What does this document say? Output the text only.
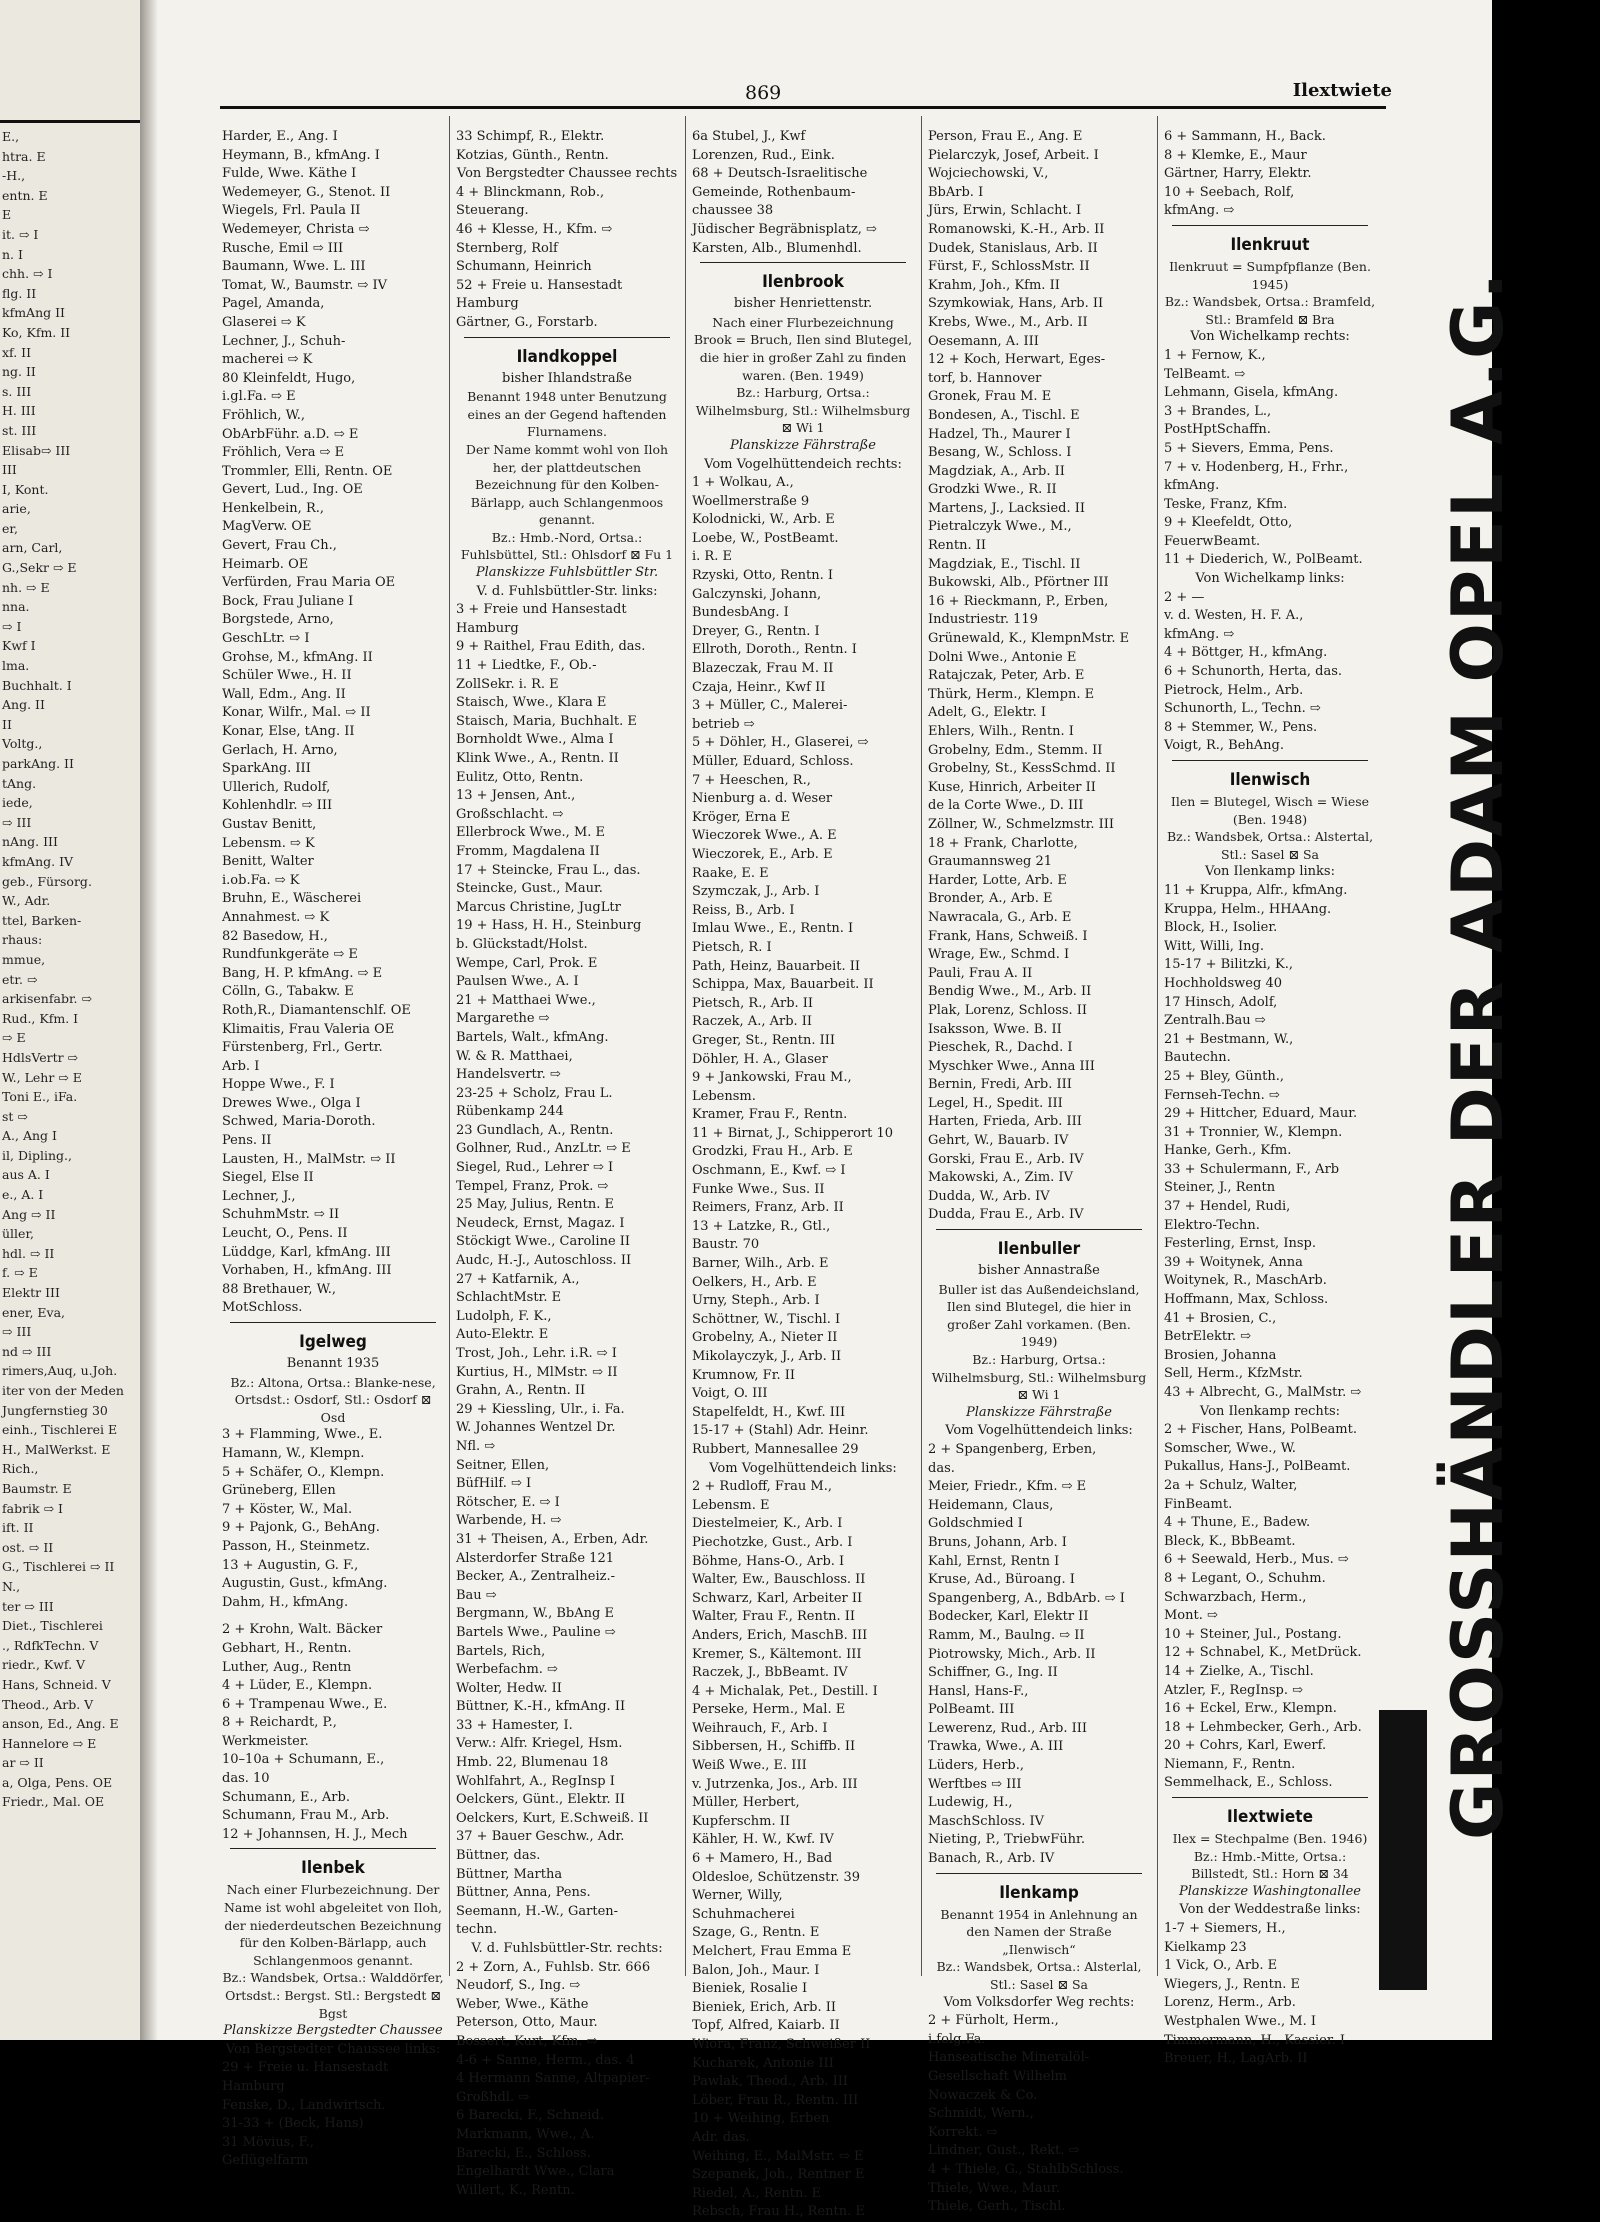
E.,
htra. E
-H.,
entn. E
E
it. ⇨ I
n. I
chh. ⇨ I
flg. II
kfmAng II
Ko, Kfm. II
xf. II
ng. II
s. III
H. III
st. III
Elisab⇨ III
III
I, Kont.
arie,
er,
arn, Carl,
G.,Sekr ⇨ E
nh. ⇨ E
nna.
⇨ I
Kwf I
lma.
Buchhalt. I
Ang. II
II
Voltg.,
parkAng. II
tAng.
iede,
⇨ III
nAng. III
kfmAng. IV
geb., Fürsorg.
W., Adr.
ttel, Barken-
rhaus:
mmue,
etr. ⇨
arkisenfabr. ⇨
Rud., Kfm. I
⇨ E
HdlsVertr ⇨
W., Lehr ⇨ E
Toni E., iFa.
st ⇨
A., Ang I
il, Dipling.,
aus A. I
e., A. I
Ang ⇨ II
üller,
hdl. ⇨ II
f. ⇨ E
Elektr III
ener, Eva,
⇨ III
nd ⇨ III
rimers,Auq, u.Joh.
iter von der Meden
Jungfernstieg 30
einh., Tischlerei E
H., MalWerkst. E
Rich.,
Baumstr. E
fabrik ⇨ I
ift. II
ost. ⇨ II
G., Tischlerei ⇨ II
N.,
ter ⇨ III
Diet., Tischlerei
., RdfkTechn. V
riedr., Kwf. V
Hans, Schneid. V
Theod., Arb. V
anson, Ed., Ang. E
Hannelore ⇨ E
ar ⇨ II
a, Olga, Pens. OE
Friedr., Mal. OE
869	Ilextwiete
Harder, E., Ang. I
Heymann, B., kfmAng. I
Fulde, Wwe. Käthe I
Wedemeyer, G., Stenot. II
Wiegels, Frl. Paula II
Wedemeyer, Christa ⇨
Rusche, Emil ⇨ III
Baumann, Wwe. L. III
Tomat, W., Baumstr. ⇨ IV
Pagel, Amanda,
Glaserei ⇨ K
Lechner, J., Schuh-
macherei ⇨ K
80 Kleinfeldt, Hugo,
i.gl.Fa. ⇨ E
Fröhlich, W.,
ObArbFühr. a.D. ⇨ E
Fröhlich, Vera ⇨ E
Trommler, Elli, Rentn. OE
Gevert, Lud., Ing. OE
Henkelbein, R.,
MagVerw. OE
Gevert, Frau Ch.,
Heimarb. OE
Verfürden, Frau Maria OE
Bock, Frau Juliane I
Borgstede, Arno,
GeschLtr. ⇨ I
Grohse, M., kfmAng. II
Schüler Wwe., H. II
Wall, Edm., Ang. II
Konar, Wilfr., Mal. ⇨ II
Konar, Else, tAng. II
Gerlach, H. Arno,
SparkAng. III
Ullerich, Rudolf,
Kohlenhdlr. ⇨ III
Gustav Benitt,
Lebensm. ⇨ K
Benitt, Walter
i.ob.Fa. ⇨ K
Bruhn, E., Wäscherei
Annahmest. ⇨ K
82 Basedow, H.,
Rundfunkgeräte ⇨ E
Bang, H. P. kfmAng. ⇨ E
Cölln, G., Tabakw. E
Roth,R., Diamantenschlf. OE
Klimaitis, Frau Valeria OE
Fürstenberg, Frl., Gertr.
Arb. I
Hoppe Wwe., F. I
Drewes Wwe., Olga I
Schwed, Maria-Doroth.
Pens. II
Lausten, H., MalMstr. ⇨ II
Siegel, Else II
Lechner, J.,
SchuhmMstr. ⇨ II
Leucht, O., Pens. II
Lüddge, Karl, kfmAng. III
Vorhaben, H., kfmAng. III
88 Brethauer, W.,
MotSchloss.
Igelweg
Benannt 1935
Bz.: Altona, Ortsa.: Blanke-nese, Ortsdst.: Osdorf, Stl.: Osdorf ⊠ Osd
3 + Flamming, Wwe., E.
Hamann, W., Klempn.
5 + Schäfer, O., Klempn.
Grüneberg, Ellen
7 + Köster, W., Mal.
9 + Pajonk, G., BehAng.
Passon, H., Steinmetz.
13 + Augustin, G. F.,
Augustin, Gust., kfmAng.
Dahm, H., kfmAng.
2 + Krohn, Walt. Bäcker
Gebhart, H., Rentn.
Luther, Aug., Rentn
4 + Lüder, E., Klempn.
6 + Trampenau Wwe., E.
8 + Reichardt, P.,
Werkmeister.
10–10a + Schumann, E.,
das. 10
Schumann, E., Arb.
Schumann, Frau M., Arb.
12 + Johannsen, H. J., Mech
Ilenbek
Nach einer Flurbezeichnung. Der Name ist wohl abgeleitet von Iloh, der niederdeutschen Bezeichnung für den Kolben-Bärlapp, auch Schlangenmoos genannt.
Bz.: Wandsbek, Ortsa.: Walddörfer, Ortsdst.: Bergst. Stl.: Bergstedt ⊠ Bgst
Planskizze Bergstedter Chaussee
Von Bergstedter Chaussee links:
29 + Freie u. Hansestadt
Hamburg
Fenske, D., Landwirtsch.
31-33 + (Beck, Hans)
31 Mövius, F.,
Geflügelfarm
33 Schimpf, R., Elektr.
Kotzias, Günth., Rentn.
Von Bergstedter Chaussee rechts
4 + Blinckmann, Rob.,
Steuerang.
46 + Klesse, H., Kfm. ⇨
Sternberg, Rolf
Schumann, Heinrich
52 + Freie u. Hansestadt
Hamburg
Gärtner, G., Forstarb.
Ilandkoppel
bisher Ihlandstraße
Benannt 1948 unter Benutzung eines an der Gegend haftenden Flurnamens.
Der Name kommt wohl von Iloh her, der plattdeutschen Bezeichnung für den Kolben-Bärlapp, auch Schlangenmoos genannt.
Bz.: Hmb.-Nord, Ortsa.: Fuhlsbüttel, Stl.: Ohlsdorf ⊠ Fu 1
Planskizze Fuhlsbüttler Str.
V. d. Fuhlsbüttler-Str. links:
3 + Freie und Hansestadt
Hamburg
9 + Raithel, Frau Edith, das.
11 + Liedtke, F., Ob.-
ZollSekr. i. R. E
Staisch, Wwe., Klara E
Staisch, Maria, Buchhalt. E
Bornholdt Wwe., Alma I
Klink Wwe., A., Rentn. II
Eulitz, Otto, Rentn.
13 + Jensen, Ant.,
Großschlacht. ⇨
Ellerbrock Wwe., M. E
Fromm, Magdalena II
17 + Steincke, Frau L., das.
Steincke, Gust., Maur.
Marcus Christine, JugLtr
19 + Hass, H. H., Steinburg
b. Glückstadt/Holst.
Wempe, Carl, Prok. E
Paulsen Wwe., A. I
21 + Matthaei Wwe.,
Margarethe ⇨
Bartels, Walt., kfmAng.
W. & R. Matthaei,
Handelsvertr. ⇨
23-25 + Scholz, Frau L.
Rübenkamp 244
23 Gundlach, A., Rentn.
Golhner, Rud., AnzLtr. ⇨ E
Siegel, Rud., Lehrer ⇨ I
Tempel, Franz, Prok. ⇨
25 May, Julius, Rentn. E
Neudeck, Ernst, Magaz. I
Stöckigt Wwe., Caroline II
Audc, H.-J., Autoschloss. II
27 + Katfarnik, A.,
SchlachtMstr. E
Ludolph, F. K.,
Auto-Elektr. E
Trost, Joh., Lehr. i.R. ⇨ I
Kurtius, H., MlMstr. ⇨ II
Grahn, A., Rentn. II
29 + Kiessling, Ulr., i. Fa.
W. Johannes Wentzel Dr.
Nfl. ⇨
Seitner, Ellen,
BüfHilf. ⇨ I
Rötscher, E. ⇨ I
Warbende, H. ⇨
31 + Theisen, A., Erben, Adr.
Alsterdorfer Straße 121
Becker, A., Zentralheiz.-
Bau ⇨
Bergmann, W., BbAng E
Bartels Wwe., Pauline ⇨
Bartels, Rich,
Werbefachm. ⇨
Wolter, Hedw. II
Büttner, K.-H., kfmAng. II
33 + Hamester, I.
Verw.: Alfr. Kriegel, Hsm.
Hmb. 22, Blumenau 18
Wohlfahrt, A., RegInsp I
Oelckers, Günt., Elektr. II
Oelckers, Kurt, E.Schweiß. II
37 + Bauer Geschw., Adr.
Büttner, das.
Büttner, Martha
Büttner, Anna, Pens.
Seemann, H.-W., Garten-
techn.
V. d. Fuhlsbüttler-Str. rechts:
2 + Zorn, A., Fuhlsb. Str. 666
Neudorf, S., Ing. ⇨
Weber, Wwe., Käthe
Peterson, Otto, Maur.
Bossert, Kurt, Kfm. ⇨
4-6 + Sanne, Herm., das. 4
4 Hermann Sanne, Altpapier-
Großhdl. ⇨
6 Barecki, F., Schneid.
Markmann, Wwe., A.
Barecki, E., Schloss.
Engelhardt Wwe., Clara
Willert, K., Rentn.
6a Stubel, J., Kwf
Lorenzen, Rud., Eink.
68 + Deutsch-Israelitische
Gemeinde, Rothenbaum-
chaussee 38
Jüdischer Begräbnisplatz, ⇨
Karsten, Alb., Blumenhdl.
Ilenbrook
bisher Henriettenstr.
Nach einer Flurbezeichnung Brook = Bruch, Ilen sind Blutegel, die hier in großer Zahl zu finden waren. (Ben. 1949)
Bz.: Harburg, Ortsa.: Wilhelmsburg, Stl.: Wilhelmsburg ⊠ Wi 1
Planskizze Fährstraße
Vom Vogelhüttendeich rechts:
1 + Wolkau, A.,
Woellmerstraße 9
Kolodnicki, W., Arb. E
Loebe, W., PostBeamt.
i. R. E
Rzyski, Otto, Rentn. I
Galczynski, Johann,
BundesbAng. I
Dreyer, G., Rentn. I
Ellroth, Doroth., Rentn. I
Blazeczak, Frau M. II
Czaja, Heinr., Kwf II
3 + Müller, C., Malerei-
betrieb ⇨
5 + Döhler, H., Glaserei, ⇨
Müller, Eduard, Schloss.
7 + Heeschen, R.,
Nienburg a. d. Weser
Kröger, Erna E
Wieczorek Wwe., A. E
Wieczorek, E., Arb. E
Raake, E. E
Szymczak, J., Arb. I
Reiss, B., Arb. I
Imlau Wwe., E., Rentn. I
Pietsch, R. I
Path, Heinz, Bauarbeit. II
Schippa, Max, Bauarbeit. II
Pietsch, R., Arb. II
Raczek, A., Arb. II
Greger, St., Rentn. III
Döhler, H. A., Glaser
9 + Jankowski, Frau M.,
Lebensm.
Kramer, Frau F., Rentn.
11 + Birnat, J., Schipperort 10
Grodzki, Frau H., Arb. E
Oschmann, E., Kwf. ⇨ I
Funke Wwe., Sus. II
Reimers, Franz, Arb. II
13 + Latzke, R., Gtl.,
Baustr. 70
Barner, Wilh., Arb. E
Oelkers, H., Arb. E
Urny, Steph., Arb. I
Schöttner, W., Tischl. I
Grobelny, A., Nieter II
Mikolayczyk, J., Arb. II
Krumnow, Fr. II
Voigt, O. III
Stapelfeldt, H., Kwf. III
15-17 + (Stahl) Adr. Heinr.
Rubbert, Mannesallee 29
Vom Vogelhüttendeich links:
2 + Rudloff, Frau M.,
Lebensm. E
Diestelmeier, K., Arb. I
Piechotzke, Gust., Arb. I
Böhme, Hans-O., Arb. I
Walter, Ew., Bauschloss. II
Schwarz, Karl, Arbeiter II
Walter, Frau F., Rentn. II
Anders, Erich, MaschB. III
Kremer, S., Kältemont. III
Raczek, J., BbBeamt. IV
4 + Michalak, Pet., Destill. I
Perseke, Herm., Mal. E
Weihrauch, F., Arb. I
Sibbersen, H., Schiffb. II
Weiß Wwe., E. III
v. Jutrzenka, Jos., Arb. III
Müller, Herbert,
Kupferschm. II
Kähler, H. W., Kwf. IV
6 + Mamero, H., Bad
Oldesloe, Schützenstr. 39
Werner, Willy,
Schuhmacherei
Szage, G., Rentn. E
Melchert, Frau Emma E
Balon, Joh., Maur. I
Bieniek, Rosalie I
Bieniek, Erich, Arb. II
Topf, Alfred, Kaiarb. II
Wiora, Franz, Schweißer II
Kucharek, Antonie III
Pawlak, Theod., Arb. III
Löber, Frau R., Rentn. III
10 + Weihing, Erben
Adr. das.
Weihing, E., MalMstr. ⇨ E
Szepanek, Joh., Rentner E
Riedel, A., Rentn. E
Rebsch, Frau H., Rentn. E
Person, Frau E., Ang. E
Pielarczyk, Josef, Arbeit. I
Wojciechowski, V.,
BbArb. I
Jürs, Erwin, Schlacht. I
Romanowski, K.-H., Arb. II
Dudek, Stanislaus, Arb. II
Fürst, F., SchlossMstr. II
Krahm, Joh., Kfm. II
Szymkowiak, Hans, Arb. II
Krebs, Wwe., M., Arb. II
Oesemann, A. III
12 + Koch, Herwart, Eges-
torf, b. Hannover
Gronek, Frau M. E
Bondesen, A., Tischl. E
Hadzel, Th., Maurer I
Besang, W., Schloss. I
Magdziak, A., Arb. II
Grodzki Wwe., R. II
Martens, J., Lacksied. II
Pietralczyk Wwe., M.,
Rentn. II
Magdziak, E., Tischl. II
Bukowski, Alb., Pförtner III
16 + Rieckmann, P., Erben,
Industriestr. 119
Grünewald, K., KlempnMstr. E
Dolni Wwe., Antonie E
Ratajczak, Peter, Arb. E
Thürk, Herm., Klempn. E
Adelt, G., Elektr. I
Ehlers, Wilh., Rentn. I
Grobelny, Edm., Stemm. II
Grobelny, St., KessSchmd. II
Kuse, Hinrich, Arbeiter II
de la Corte Wwe., D. III
Zöllner, W., Schmelzmstr. III
18 + Frank, Charlotte,
Graumannsweg 21
Harder, Lotte, Arb. E
Bronder, A., Arb. E
Nawracala, G., Arb. E
Frank, Hans, Schweiß. I
Wrage, Ew., Schmd. I
Pauli, Frau A. II
Bendig Wwe., M., Arb. II
Plak, Lorenz, Schloss. II
Isaksson, Wwe. B. II
Pieschek, R., Dachd. I
Myschker Wwe., Anna III
Bernin, Fredi, Arb. III
Legel, H., Spedit. III
Harten, Frieda, Arb. III
Gehrt, W., Bauarb. IV
Gorski, Frau E., Arb. IV
Makowski, A., Zim. IV
Dudda, W., Arb. IV
Dudda, Frau E., Arb. IV
Ilenbuller
bisher Annastraße
Buller ist das Außendeichsland, Ilen sind Blutegel, die hier in großer Zahl vorkamen. (Ben. 1949)
Bz.: Harburg, Ortsa.: Wilhelmsburg, Stl.: Wilhelmsburg ⊠ Wi 1
Planskizze Fährstraße
Vom Vogelhüttendeich links:
2 + Spangenberg, Erben,
das.
Meier, Friedr., Kfm. ⇨ E
Heidemann, Claus,
Goldschmied I
Bruns, Johann, Arb. I
Kahl, Ernst, Rentn I
Kruse, Ad., Büroang. I
Spangenberg, A., BdbArb. ⇨ I
Bodecker, Karl, Elektr II
Ramm, M., Baulng. ⇨ II
Piotrowsky, Mich., Arb. II
Schiffner, G., Ing. II
Hansl, Hans-F.,
PolBeamt. III
Lewerenz, Rud., Arb. III
Trawka, Wwe., A. III
Lüders, Herb.,
Werftbes ⇨ III
Ludewig, H.,
MaschSchloss. IV
Nieting, P., TriebwFühr.
Banach, R., Arb. IV
Ilenkamp
Benannt 1954 in Anlehnung an den Namen der Straße „Ilenwisch“
Bz.: Wandsbek, Ortsa.: Alsterlal, Stl.: Sasel ⊠ Sa
Vom Volksdorfer Weg rechts:
2 + Fürholt, Herm.,
i.folg.Fa.
Hanseatische Mineralöl-
Gesellschaft Wilhelm
Nowaczek & Co.
Schmidt, Wern.,
Korrekt. ⇨
Lindner, Gust., Rekt. ⇨
4 + Thiele, G., StahlbSchloss.
Thiele, Wwe., Maur.
Thiele, Gerh., Tischl.
6 + Sammann, H., Back.
8 + Klemke, E., Maur
Gärtner, Harry, Elektr.
10 + Seebach, Rolf,
kfmAng. ⇨
Ilenkruut
Ilenkruut = Sumpfpflanze (Ben. 1945)
Bz.: Wandsbek, Ortsa.: Bramfeld, Stl.: Bramfeld ⊠ Bra
Von Wichelkamp rechts:
1 + Fernow, K.,
TelBeamt. ⇨
Lehmann, Gisela, kfmAng.
3 + Brandes, L.,
PostHptSchaffn.
5 + Sievers, Emma, Pens.
7 + v. Hodenberg, H., Frhr.,
kfmAng.
Teske, Franz, Kfm.
9 + Kleefeldt, Otto,
FeuerwBeamt.
11 + Diederich, W., PolBeamt.
Von Wichelkamp links:
2 + —
v. d. Westen, H. F. A.,
kfmAng. ⇨
4 + Böttger, H., kfmAng.
6 + Schunorth, Herta, das.
Pietrock, Helm., Arb.
Schunorth, L., Techn. ⇨
8 + Stemmer, W., Pens.
Voigt, R., BehAng.
Ilenwisch
Ilen = Blutegel, Wisch = Wiese (Ben. 1948)
Bz.: Wandsbek, Ortsa.: Alstertal, Stl.: Sasel ⊠ Sa
Von Ilenkamp links:
11 + Kruppa, Alfr., kfmAng.
Kruppa, Helm., HHAAng.
Block, H., Isolier.
Witt, Willi, Ing.
15-17 + Bilitzki, K.,
Hochholdsweg 40
17 Hinsch, Adolf,
Zentralh.Bau ⇨
21 + Bestmann, W.,
Bautechn.
25 + Bley, Günth.,
Fernseh-Techn. ⇨
29 + Hittcher, Eduard, Maur.
31 + Tronnier, W., Klempn.
Hanke, Gerh., Kfm.
33 + Schulermann, F., Arb
Steiner, J., Rentn
37 + Hendel, Rudi,
Elektro-Techn.
Festerling, Ernst, Insp.
39 + Woitynek, Anna
Woitynek, R., MaschArb.
Hoffmann, Max, Schloss.
41 + Brosien, C.,
BetrElektr. ⇨
Brosien, Johanna
Sell, Herm., KfzMstr.
43 + Albrecht, G., MalMstr. ⇨
Von Ilenkamp rechts:
2 + Fischer, Hans, PolBeamt.
Somscher, Wwe., W.
Pukallus, Hans-J., PolBeamt.
2a + Schulz, Walter,
FinBeamt.
4 + Thune, E., Badew.
Bleck, K., BbBeamt.
6 + Seewald, Herb., Mus. ⇨
8 + Legant, O., Schuhm.
Schwarzbach, Herm.,
Mont. ⇨
10 + Steiner, Jul., Postang.
12 + Schnabel, K., MetDrück.
14 + Zielke, A., Tischl.
Atzler, F., RegInsp. ⇨
16 + Eckel, Erw., Klempn.
18 + Lehmbecker, Gerh., Arb.
20 + Cohrs, Karl, Ewerf.
Niemann, F., Rentn.
Semmelhack, E., Schloss.
Ilextwiete
Ilex = Stechpalme (Ben. 1946)
Bz.: Hmb.-Mitte, Ortsa.: Billstedt, Stl.: Horn ⊠ 34
Planskizze Washingtonallee
Von der Weddestraße links:
1-7 + Siemers, H.,
Kielkamp 23
1 Vick, O., Arb. E
Wiegers, J., Rentn. E
Lorenz, Herm., Arb.
Westphalen Wwe., M. I
Timmermann, H., Kassier. I
Breuer, H., LagArb. II
GROSSHÄNDLER DER ADAM OPEL A.G.
